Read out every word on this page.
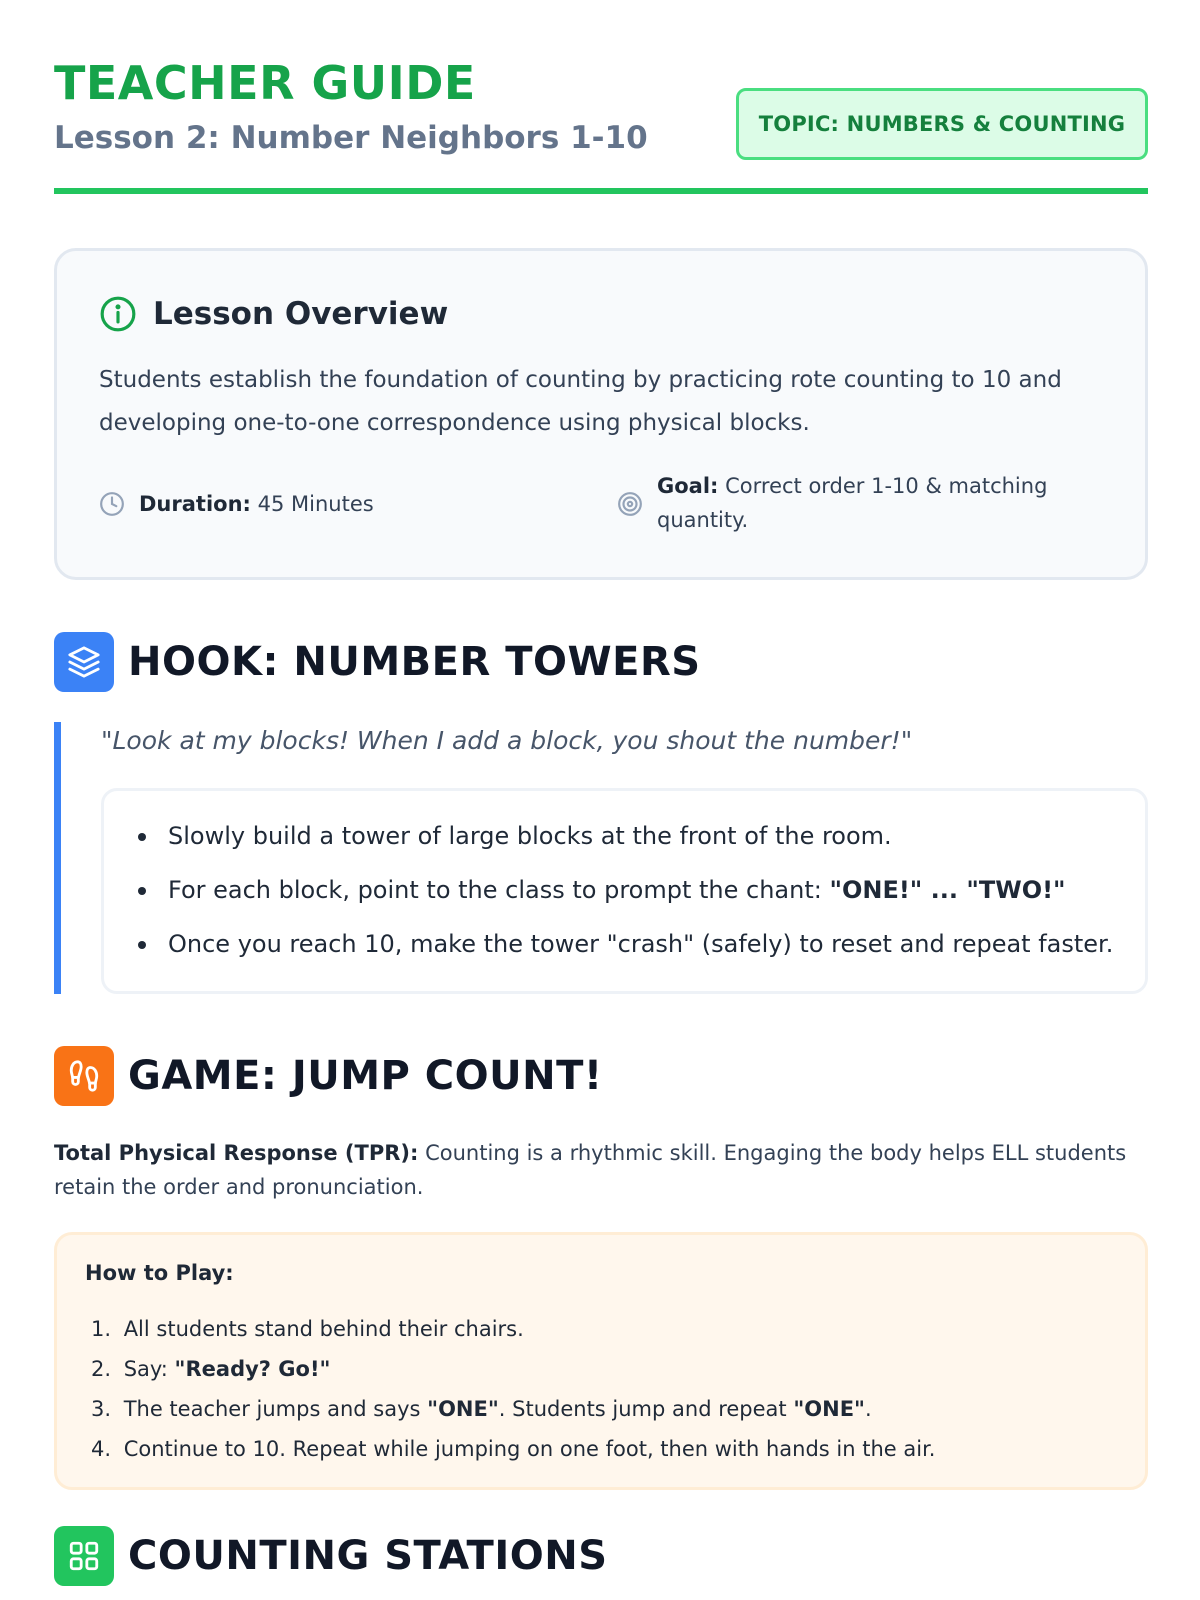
TEACHER GUIDE
Lesson 2: Number Neighbors 1-10	TOPIC: NUMBERS & COUNTING
Lesson Overview
Students establish the foundation of counting by practicing rote counting to 10 and developing one-to-one correspondence using physical blocks.
Duration: 45 Minutes
Goal: Correct order 1-10 & matching quantity.
HOOK: NUMBER TOWERS
"Look at my blocks! When I add a block, you shout the number!"
Slowly build a tower of large blocks at the front of the room.
For each block, point to the class to prompt the chant: "ONE!" ... "TWO!"
Once you reach 10, make the tower "crash" (safely) to reset and repeat faster.
GAME: JUMP COUNT!
Total Physical Response (TPR): Counting is a rhythmic skill. Engaging the body helps ELL students retain the order and pronunciation.
How to Play:
1. All students stand behind their chairs.
2. Say: "Ready? Go!"
3. The teacher jumps and says "ONE". Students jump and repeat "ONE".
4. Continue to 10. Repeat while jumping on one foot, then with hands in the air.
COUNTING STATIONS
